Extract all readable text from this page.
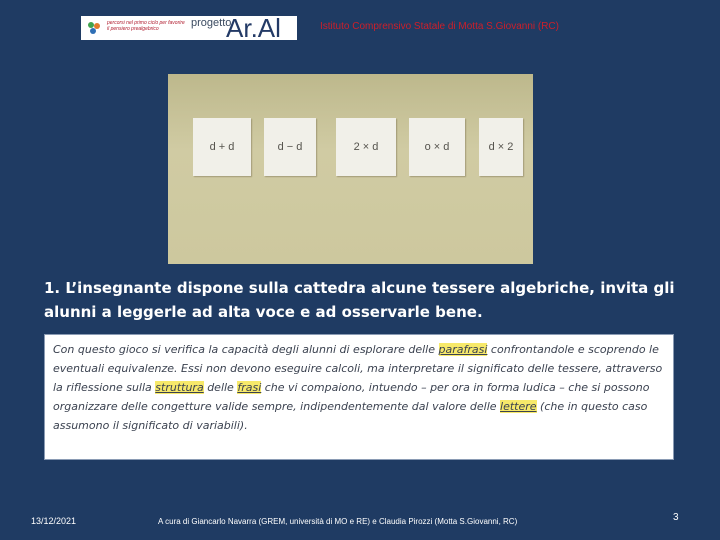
percorsi nel primo ciclo per favorire il pensiero prealgebrico	progetto
Ar.Al	Istituto Comprensivo Statale di Motta S.Giovanni (RC)
d + d	d − d	2 × d	o × d	d × 2
1. L’insegnante dispone sulla cattedra alcune tessere algebriche, invita gli alunni a leggerle ad alta voce e ad osservarle bene.
Con questo gioco si verifica la capacità degli alunni di esplorare delle parafrasi confrontandole e scoprendo le eventuali equivalenze. Essi non devono eseguire calcoli, ma interpretare il significato delle tessere, attraverso la riflessione sulla struttura delle frasi che vi compaiono, intuendo – per ora in forma ludica – che si possono organizzare delle congetture valide sempre, indipendentemente dal valore delle lettere (che in questo caso assumono il significato di variabili).
13/12/2021	A cura di Giancarlo Navarra (GREM, università di MO e RE) e Claudia Pirozzi (Motta S.Giovanni, RC)	3
